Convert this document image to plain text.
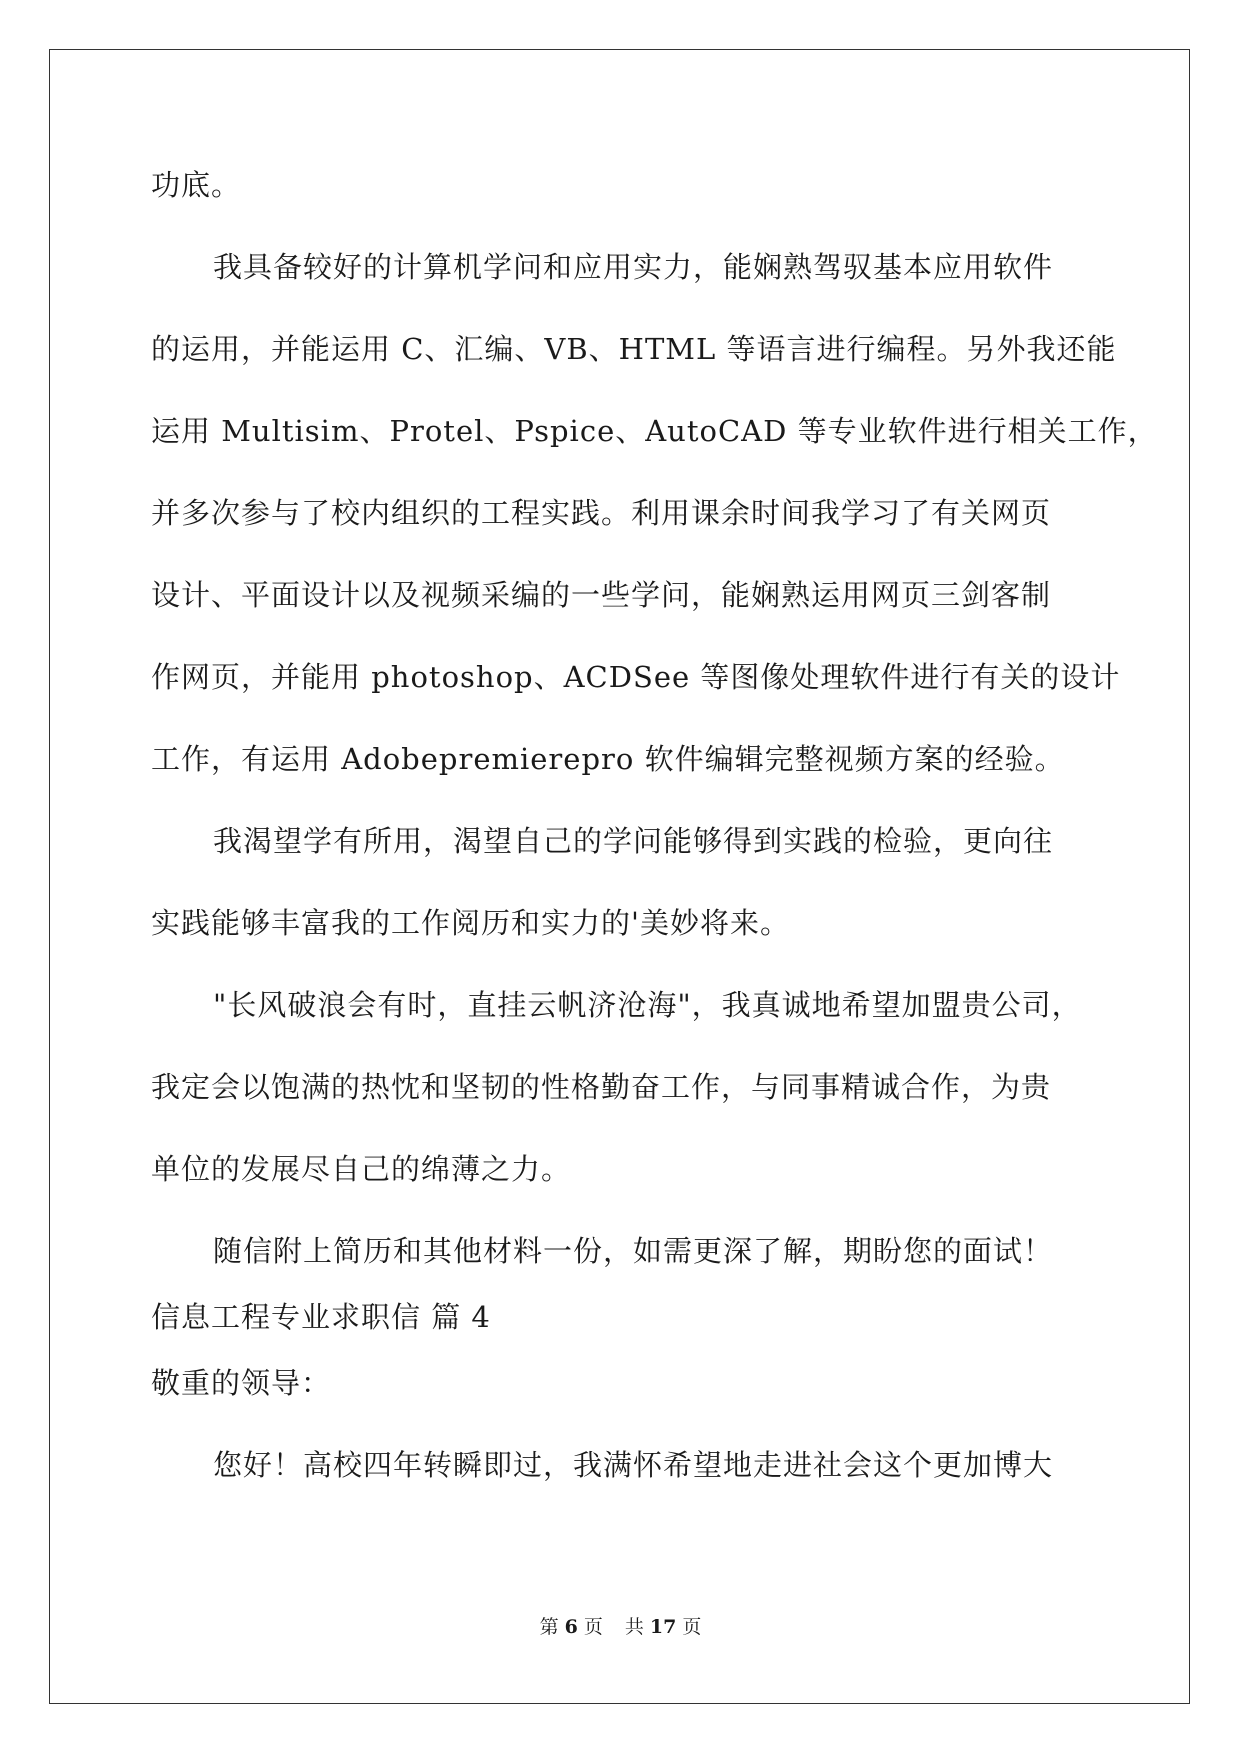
功底。
我具备较好的计算机学问和应用实力，能娴熟驾驭基本应用软件
的运用，并能运用 C、汇编、VB、HTML 等语言进行编程。另外我还能
运用 Multisim、Protel、Pspice、AutoCAD 等专业软件进行相关工作，
并多次参与了校内组织的工程实践。利用课余时间我学习了有关网页
设计、平面设计以及视频采编的一些学问，能娴熟运用网页三剑客制
作网页，并能用 photoshop、ACDSee 等图像处理软件进行有关的设计
工作，有运用 Adobepremierepro 软件编辑完整视频方案的经验。
我渴望学有所用，渴望自己的学问能够得到实践的检验，更向往
实践能够丰富我的工作阅历和实力的'美妙将来。
"长风破浪会有时，直挂云帆济沧海"，我真诚地希望加盟贵公司，
我定会以饱满的热忱和坚韧的性格勤奋工作，与同事精诚合作，为贵
单位的发展尽自己的绵薄之力。
随信附上简历和其他材料一份，如需更深了解，期盼您的面试！
信息工程专业求职信 篇 4
敬重的领导：
您好！高校四年转瞬即过，我满怀希望地走进社会这个更加博大
第 6 页 共 17 页
